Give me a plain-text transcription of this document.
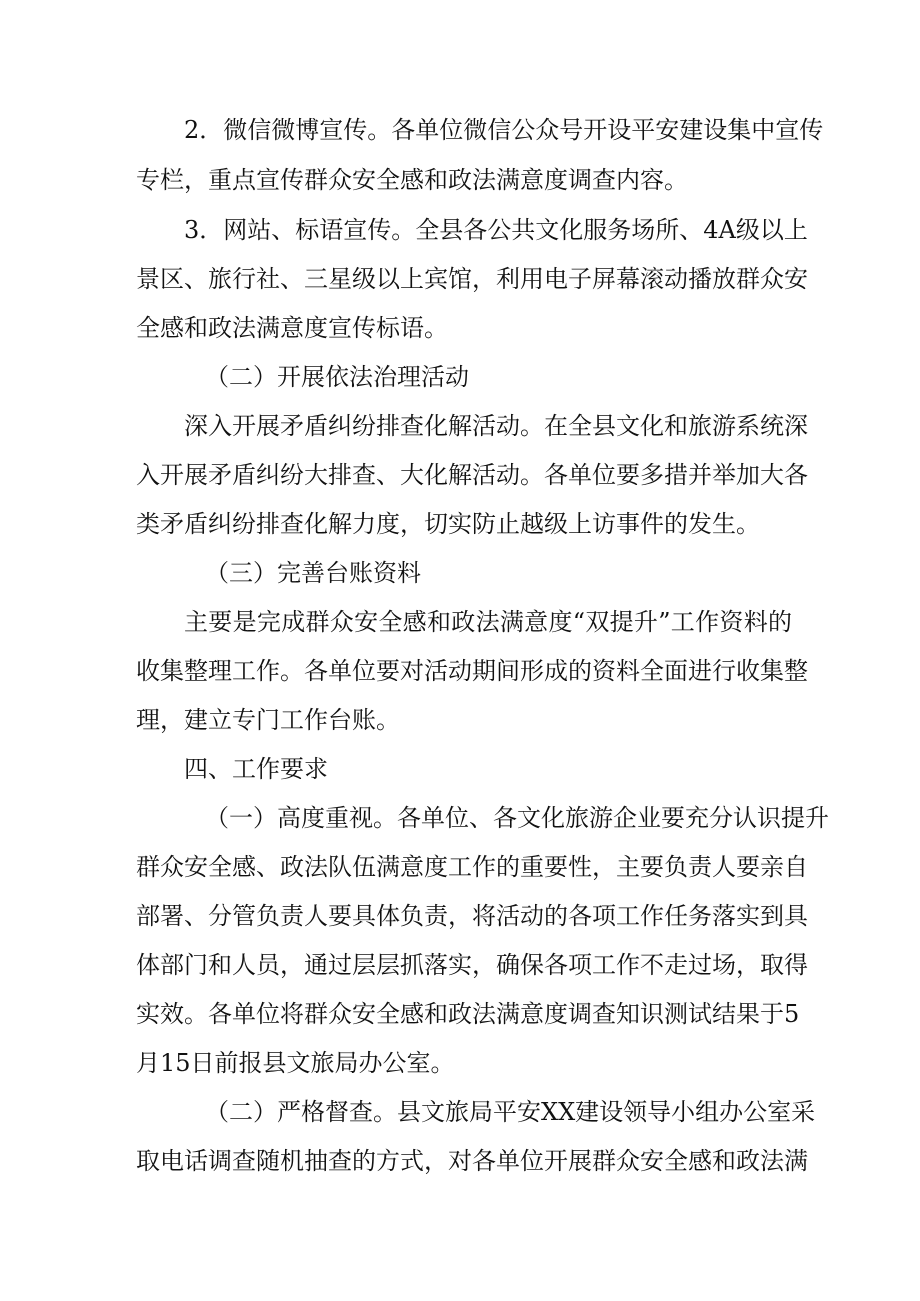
2．微信微博宣传。各单位微信公众号开设平安建设集中宣传
专栏，重点宣传群众安全感和政法满意度调查内容。
3．网站、标语宣传。全县各公共文化服务场所、4A级以上
景区、旅行社、三星级以上宾馆，利用电子屏幕滚动播放群众安
全感和政法满意度宣传标语。
（二）开展依法治理活动
深入开展矛盾纠纷排查化解活动。在全县文化和旅游系统深
入开展矛盾纠纷大排查、大化解活动。各单位要多措并举加大各
类矛盾纠纷排查化解力度，切实防止越级上访事件的发生。
（三）完善台账资料
主要是完成群众安全感和政法满意度“双提升”工作资料的
收集整理工作。各单位要对活动期间形成的资料全面进行收集整
理，建立专门工作台账。
四、工作要求
（一）高度重视。各单位、各文化旅游企业要充分认识提升
群众安全感、政法队伍满意度工作的重要性，主要负责人要亲自
部署、分管负责人要具体负责，将活动的各项工作任务落实到具
体部门和人员，通过层层抓落实，确保各项工作不走过场，取得
实效。各单位将群众安全感和政法满意度调查知识测试结果于5
月15日前报县文旅局办公室。
（二）严格督查。县文旅局平安XX建设领导小组办公室采
取电话调查随机抽查的方式，对各单位开展群众安全感和政法满
